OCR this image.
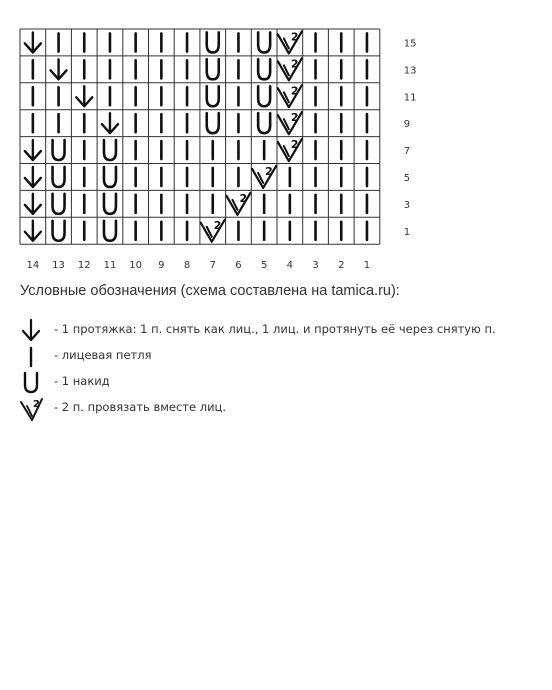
2
2
2
2
2
2
2
2
15
13
11
9
7
5
3
1
14 13 12 11 10 9 8 7 6 5 4 3 2 1
Условные обозначения (схема составлена на tamica.ru):
- 1 протяжка: 1 п. снять как лиц., 1 лиц. и протянуть её через снятую п.
- лицевая петля
- 1 накид
2 - 2 п. провязать вместе лиц.
